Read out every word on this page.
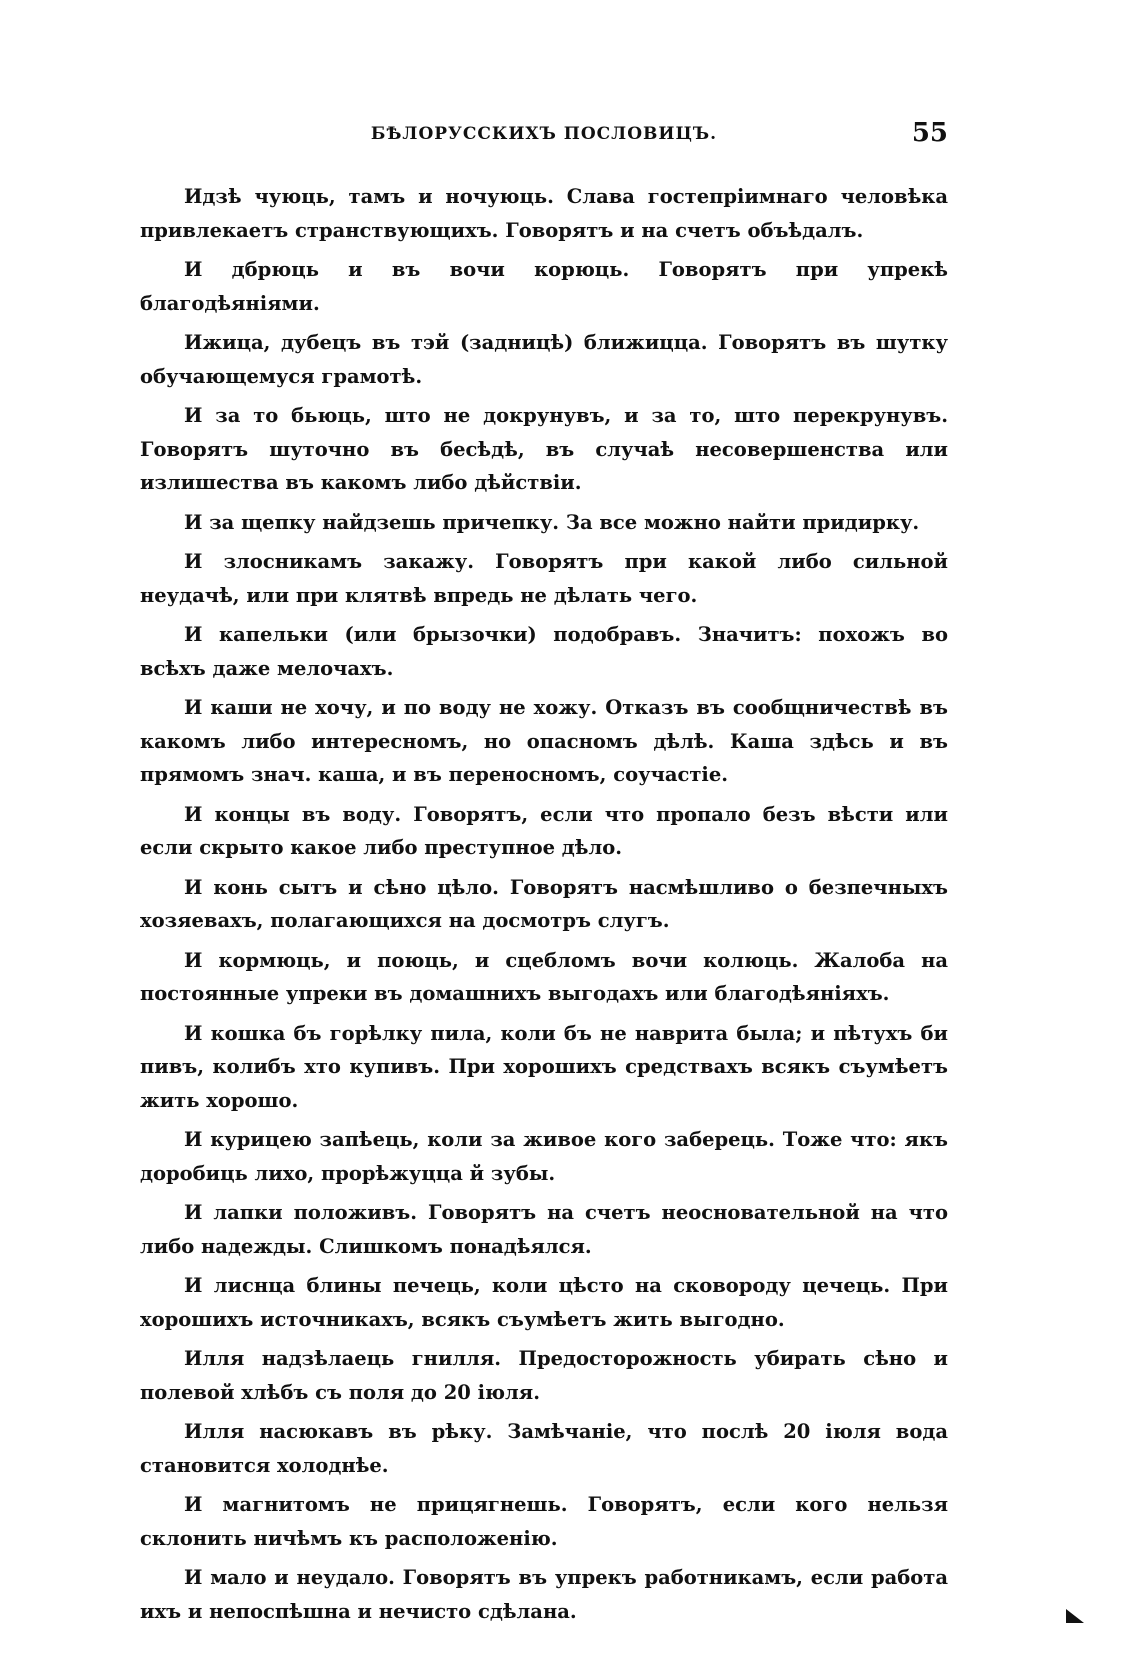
БѢЛОРУССКИХЪ ПОСЛОВИЦЪ.	55

Идзѣ чуюць, тамъ и ночуюць. Слава гостепріимнаго человѣка привлекаетъ странствующихъ. Говорятъ и на счетъ объѣдалъ.

И дбрюць и въ вочи корюць. Говорятъ при упрекѣ благодѣяніями.

Ижица, дубецъ въ тэй (задницѣ) ближицца. Говорятъ въ шутку обучающемуся грамотѣ.

И за то бьюць, што не докрунувъ, и за то, што перекрунувъ. Говорятъ шуточно въ бесѣдѣ, въ случаѣ несовершенства или излишества въ какомъ либо дѣйствіи.

И за щепку найдзешь причепку. За все можно найти придирку.

И злосникамъ закажу. Говорятъ при какой либо сильной неудачѣ, или при клятвѣ впредь не дѣлать чего.

И капельки (или брызочки) подобравъ. Значитъ: похожъ во всѣхъ даже мелочахъ.

И каши не хочу, и по воду не хожу. Отказъ въ сообщничествѣ въ какомъ либо интересномъ, но опасномъ дѣлѣ. Каша здѣсь и въ прямомъ знач. каша, и въ переносномъ, соучастіе.

И концы въ воду. Говорятъ, если что пропало безъ вѣсти или если скрыто какое либо преступное дѣло.

И конь сытъ и сѣно цѣло. Говорятъ насмѣшливо о безпечныхъ хозяевахъ, полагающихся на досмотръ слугъ.

И кормюць, и поюць, и сцебломъ вочи колюць. Жалоба на постоянные упреки въ домашнихъ выгодахъ или благодѣяніяхъ.

И кошка бъ горѣлку пила, коли бъ не наврита была; и пѣтухъ би пивъ, колибъ хто купивъ. При хорошихъ средствахъ всякъ съумѣетъ жить хорошо.

И курицею запѣець, коли за живое кого заберець. Тоже что: якъ доробиць лихо, прорѣжуцца й зубы.

И лапки положивъ. Говорятъ на счетъ неосновательной на что либо надежды. Слишкомъ понадѣялся.

И лиснца блины печець, коли цѣсто на сковороду цечець. При хорошихъ источникахъ, всякъ съумѣетъ жить выгодно.

Илля надзѣлаець гнилля. Предосторожность убирать сѣно и полевой хлѣбъ съ поля до 20 іюля.

Илля насюкавъ въ рѣку. Замѣчаніе, что послѣ 20 іюля вода становится холоднѣе.

И магнитомъ не прицягнешь. Говорятъ, если кого нельзя склонить ничѣмъ къ расположенію.

И мало и неудало. Говорятъ въ упрекъ работникамъ, если работа ихъ и непоспѣшна и нечисто сдѣлана.
